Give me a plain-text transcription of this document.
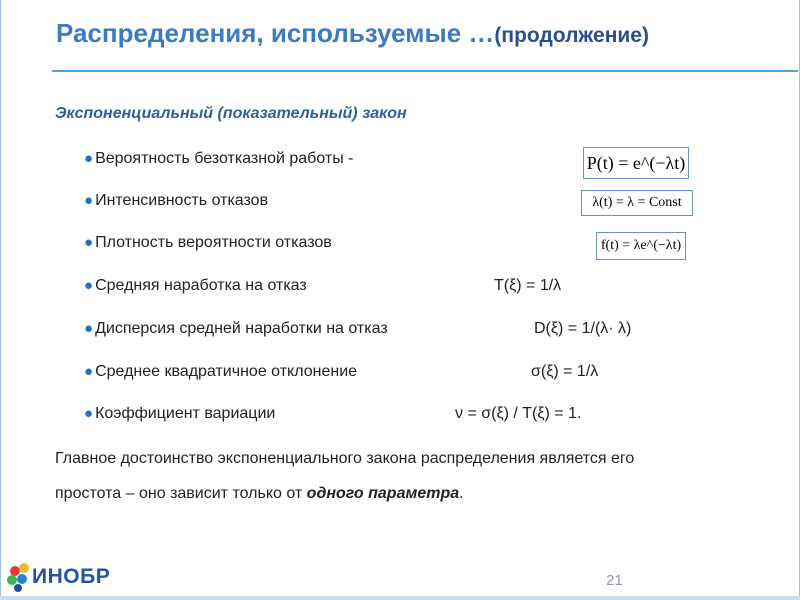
Распределения, используемые …(продолжение)
Экспоненциальный (показательный) закон
● Вероятность безотказной работы -
● Интенсивность отказов
● Плотность вероятности отказов
● Средняя наработка на отказ
● Дисперсия средней наработки на отказ
● Среднее квадратичное отклонение
● Коэффициент вариации
T(ξ) = 1/λ
D(ξ) = 1/(λ· λ)
σ(ξ) = 1/λ
ν = σ(ξ) / T(ξ) = 1.
P(t) = e^(−λt)
λ(t) = λ = Const
f(t) = λe^(−λt)
Главное достоинство экспоненциального закона распределения является его
простота – оно зависит только от одного параметра.
ИНОБР	21
